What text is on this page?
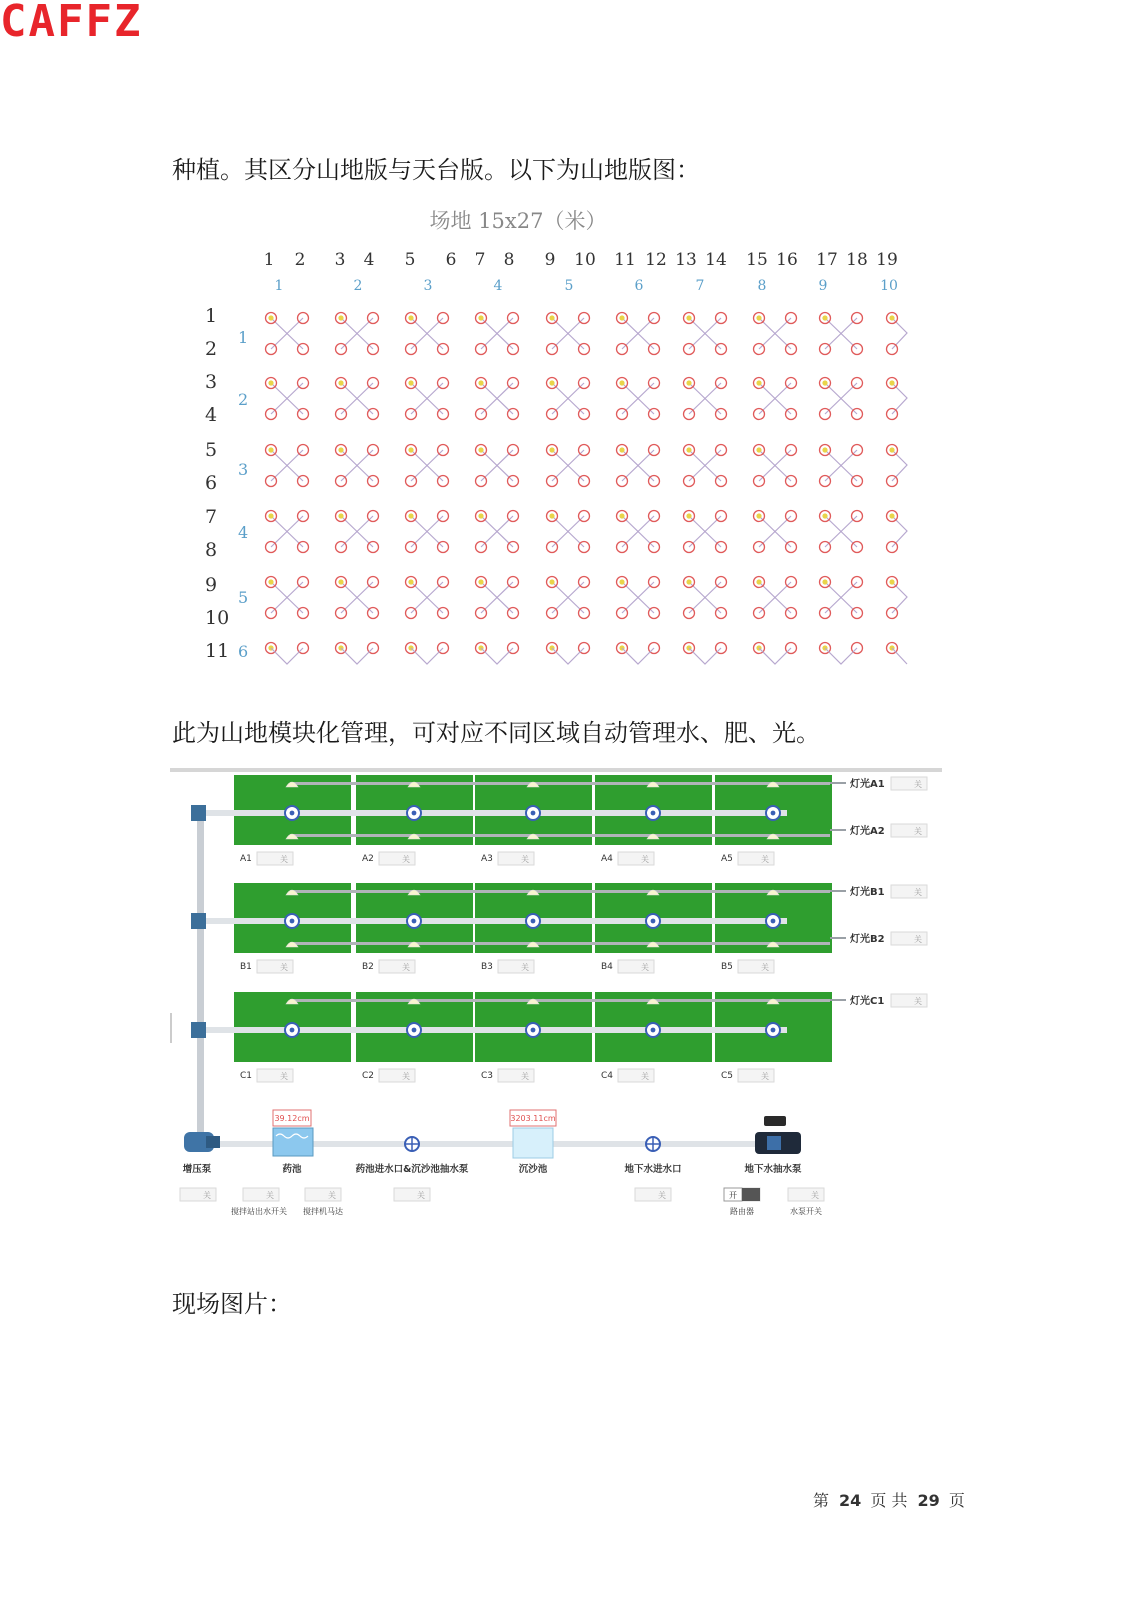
CAFFZ
种植。其区分山地版与天台版。以下为山地版图：
场地 15x27（米）
1 2 3 4 5 6 7 8 9 10 11 12 13 14 15 16 17 18 19
1	2	3	4	5	6	7	8	9	10
1
2
3
4
5
6
7
8
9
10
11
1
2
3
4
5
6
此为山地模块化管理，可对应不同区域自动管理水、肥、光。
A1	关	A2	关	A3	关	A4	关	A5	关
B1	关	B2	关	B3	关	B4	关	B5	关
C1	关	C2	关	C3	关	C4	关	C5	关
灯光A1	关
灯光A2	关
灯光B1	关
灯光B2	关
灯光C1	关
39.12cm	3203.11cm
增压泵	药池	药池进水口&沉沙池抽水泵	沉沙池	地下水进水口	地下水抽水泵
关	关	关	关	关	开	关
搅拌站出水开关 搅拌机马达	路由器	水泵开关
现场图片：
第 24 页 共 29 页
